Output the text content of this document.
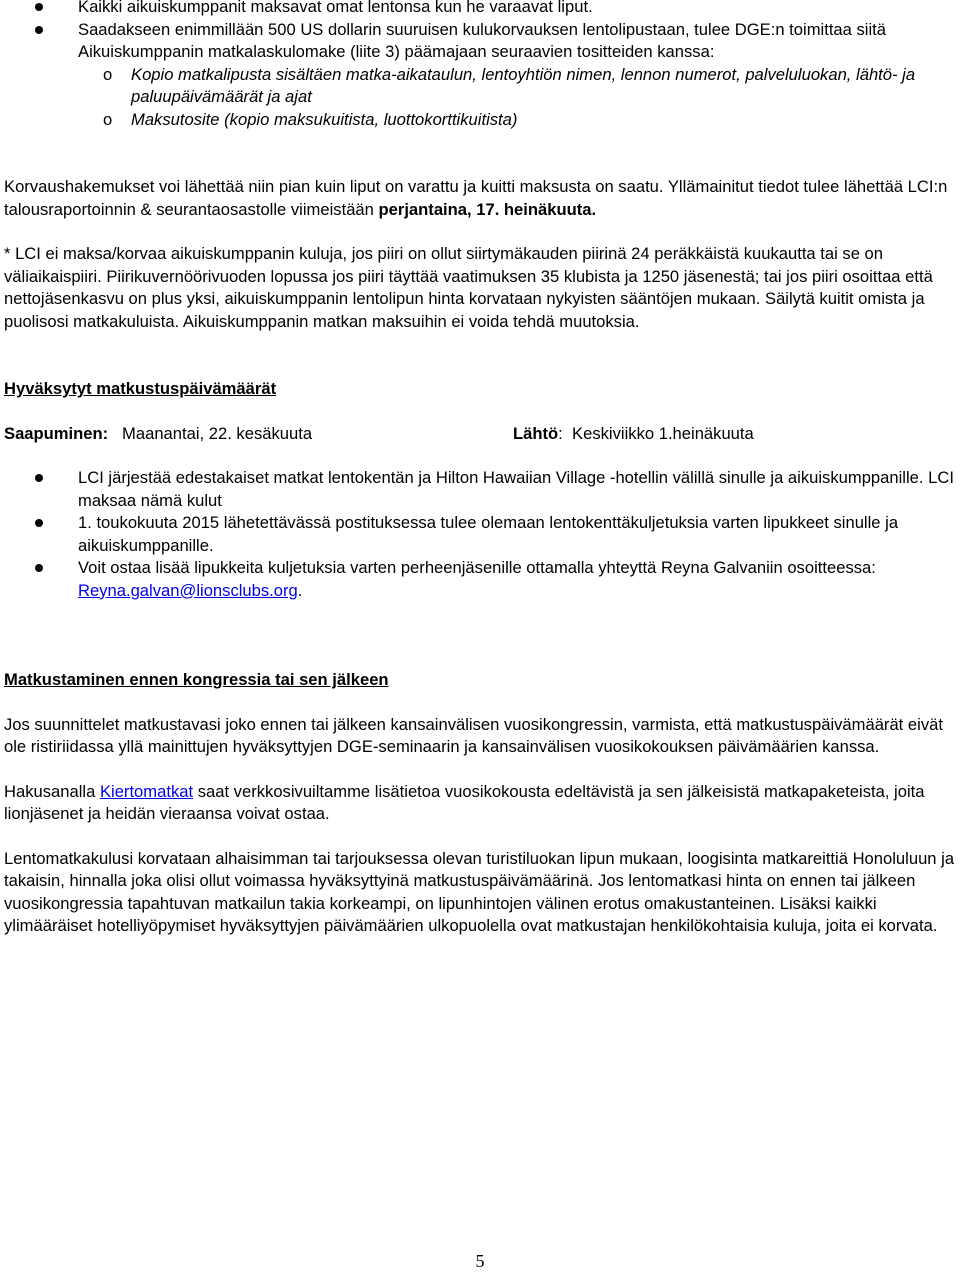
Kaikki aikuiskumppanit maksavat omat lentonsa kun he varaavat liput.
Saadakseen enimmillään 500 US dollarin suuruisen kulukorvauksen lentolipustaan, tulee DGE:n toimittaa siitä Aikuiskumppanin matkalaskulomake (liite 3) päämajaan seuraavien tositteiden kanssa:
o Kopio matkalipusta sisältäen matka-aikataulun, lentoyhtiön nimen, lennon numerot, palveluluokan, lähtö- ja paluupäivämäärät ja ajat
o Maksutosite (kopio maksukuitista, luottokorttikuitista)

Korvaushakemukset voi lähettää niin pian kuin liput on varattu ja kuitti maksusta on saatu. Yllämainitut tiedot tulee lähettää LCI:n talousraportoinnin & seurantaosastolle viimeistään perjantaina, 17. heinäkuuta.

* LCI ei maksa/korvaa aikuiskumppanin kuluja, jos piiri on ollut siirtymäkauden piirinä 24 peräkkäistä kuukautta tai se on väliaikaispiiri. Piirikuvernöörivuoden lopussa jos piiri täyttää vaatimuksen 35 klubista ja 1250 jäsenestä; tai jos piiri osoittaa että nettojäsenkasvu on plus yksi, aikuiskumppanin lentolipun hinta korvataan nykyisten sääntöjen mukaan. Säilytä kuitit omista ja puolisosi matkakuluista. Aikuiskumppanin matkan maksuihin ei voida tehdä muutoksia.

Hyväksytyt matkustuspäivämäärät

Saapuminen: Maanantai, 22. kesäkuuta	Lähtö: Keskiviikko 1.heinäkuuta
LCI järjestää edestakaiset matkat lentokentän ja Hilton Hawaiian Village -hotellin välillä sinulle ja aikuiskumppanille. LCI maksaa nämä kulut
1. toukokuuta 2015 lähetettävässä postituksessa tulee olemaan lentokenttäkuljetuksia varten lipukkeet sinulle ja aikuiskumppanille.
Voit ostaa lisää lipukkeita kuljetuksia varten perheenjäsenille ottamalla yhteyttä Reyna Galvaniin osoitteessa: Reyna.galvan@lionsclubs.org.

Matkustaminen ennen kongressia tai sen jälkeen

Jos suunnittelet matkustavasi joko ennen tai jälkeen kansainvälisen vuosikongressin, varmista, että matkustuspäivämäärät eivät ole ristiriidassa yllä mainittujen hyväksyttyjen DGE-seminaarin ja kansainvälisen vuosikokouksen päivämäärien kanssa.

Hakusanalla Kiertomatkat saat verkkosivuiltamme lisätietoa vuosikokousta edeltävistä ja sen jälkeisistä matkapaketeista, joita lionjäsenet ja heidän vieraansa voivat ostaa.

Lentomatkakulusi korvataan alhaisimman tai tarjouksessa olevan turistiluokan lipun mukaan, loogisinta matkareittiä Honoluluun ja takaisin, hinnalla joka olisi ollut voimassa hyväksyttyinä matkustuspäivämäärinä. Jos lentomatkasi hinta on ennen tai jälkeen vuosikongressia tapahtuvan matkailun takia korkeampi, on lipunhintojen välinen erotus omakustanteinen. Lisäksi kaikki ylimääräiset hotelliyöpymiset hyväksyttyjen päivämäärien ulkopuolella ovat matkustajan henkilökohtaisia kuluja, joita ei korvata.

5
